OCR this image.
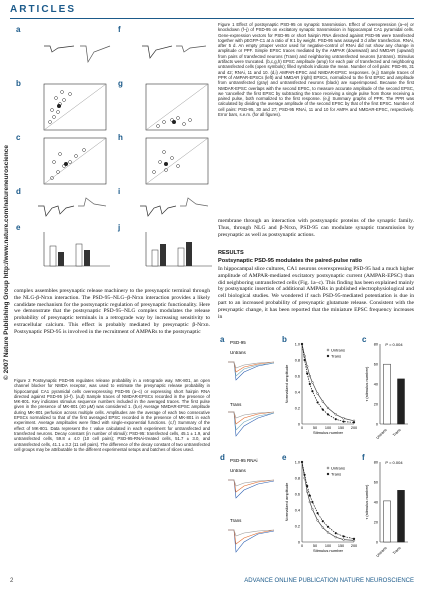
ARTICLES
© 2007 Nature Publishing Group http://www.nature.com/natureneuroscience
a
b
c
d
e
f
g
h
i
j
Figure 1 Effect of postsynaptic PSD-95 on synaptic transmission. Effect of overexpression (a–e) or knockdown (f–j) of PSD-95 on excitatory synaptic transmission in hippocampal CA1 pyramidal cells. Gene-expression vectors for PSD-95 or short hairpin RNA directed against PSD-95 were transfected together with pEGFP-C1 at a ratio of 9:1 by weight. PSD-95 was assayed 3 d after transfection. RNAi, after 5 d. An empty pSuper vector used for negative-control of RNAi did not show any change in amplitude or PPF. Simple EPSC traces mediated by the AMPAR (downward) and NMDAR (upward) from pairs of transfected neurons (Trans) and neighboring untransfected neurons (Untrans). Stimulus artifacts were truncated. (b,c,g,h) EPSC amplitude (amp) for each pair of transfected and neighboring untransfected cells (open symbols); filled symbols indicate the mean. Number of cell pairs: PSD-95, 31 and 42; RNAi, 11 and 10. (d,i) AMPAR-EPSC and NMDAR-EPSC responses. (e,j) Sample traces of PPR of AMPAR-EPSCs (left) and NMDAR (right) EPSCs, normalized to the first EPSC and amplitude from untransfected (gray) and untransfected neurons (black) are superimposed. Because the first NMDAR-EPSC overlaps with the second EPSC, to measure accurate amplitude of the second EPSC, we 'cancelled' the first EPSC by subtracting the trace receiving a single pulse from those receiving a paired pulse, both normalized to the first response. (e,j) Summary graphs of PPR. The PPR was calculated by dividing the average amplitude of the second EPSC by that of the first EPSC. Number of cell pairs: PSD-95, 30 and 27; PSD-95 RNAi, 11 and 10 for AMPA and NMDAR-EPSC, respectively. Error bars, s.e.m. (for all figures).
membrane through an interaction with postsynaptic proteins of the synaptic family. Thus, through NLG and β-Nrxn, PSD-95 can modulate synaptic transmission by presynaptic as well as postsynaptic actions.
RESULTS
Postsynaptic PSD-95 modulates the paired-pulse ratio
In hippocampal slice cultures, CA1 neurons overexpressing PSD-95 had a much higher amplitude of AMPAR-mediated excitatory postsynaptic current (AMPAR-EPSC) than did neighboring untransfected cells (Fig. 1a–c). This finding has been explained mainly by postsynaptic insertion of additional AMPARs in published electrophysiological and cell biological studies. We wondered if such PSD-95-mediated potentiation is due in part to an increased probability of presynaptic glutamate release. Consistent with the presynaptic change, it has been reported that the miniature EPSC frequency increases in
complex assembles presynaptic release machinery to the presynaptic terminal through the NLG-β-Nrxn interaction. The PSD-95–NLG–β-Nrxn interaction provides a likely candidate mechanism for the postsynaptic regulation of presynaptic functionality. Here we demonstrate that the postsynaptic PSD-95–NLG complex modulates the release probability of presynaptic terminals in a retrograde way by increasing sensitivity to extracellular calcium. This effect is probably mediated by presynaptic β-Nrxn. Postsynaptic PSD-95 is involved in the recruitment of AMPARs to the postsynaptic
Figure 2 Postsynaptic PSD-95 regulates release probability in a retrograde way. MK-801, an open channel blocker for NMDA receptor, was used to estimate the presynaptic release probability in hippocampal CA1 pyramidal cells overexpressing PSD-95 (a–c) or expressing short hairpin RNA directed against PSD-95 (d–f). (a,d) Sample traces of NMDAR-EPSCs recorded in the presence of MK-801. Key indicates stimulus sequence numbers included in the averaged traces. The first pulse given in the presence of MK-801 (40 μM) was considered 1. (b,e) Average NMDAR-EPSC amplitude during MK-801 perfusion across multiple cells. Amplitudes are the average of each two consecutive EPSCs normalized to that of the first averaged EPSC recorded in the presence of MK-801 in each experiment. Average amplitudes were fitted with single-exponential functions. (c,f) Summary of the effect of MK-801. Data represent the τ value calculated in each experiment for untransfected and transfected neurons. Decay constant (in number of stimuli): PSD-95: transfected cells, 45.1 ± 1.9, and untransfected cells, 59.8 ± 4.0 (10 cell pairs); PSD-95-RNAi-treated cells, 51.7 ± 3.0, and untransfected cells, 41.1 ± 3.2 (11 cell pairs). The difference of the decay constant of two untransfected cell groups may be attributable to the different experimental setups and batches of slices used.
a	b	c
d	e	f
PSD-95
Untrans
Trans
PSD-95 RNAi
Untrans
Trans
0
0.2
0.4
0.6
0.8
1.0
0	50 100 150 200
Stimulus number
Normalized amplitude
Untrans
Trans
0
20
40
60
80
τ (stimulus number)
Untrans Trans
P = 0.004
0
0.2
0.4
0.6
0.8
1.0
0	50 100 150 200
Stimulus number
Normalized amplitude
Untrans
Trans
0
20
40
60
80
τ (stimulus number)
Untrans Trans
P = 0.004
2	ADVANCE ONLINE PUBLICATION NATURE NEUROSCIENCE
